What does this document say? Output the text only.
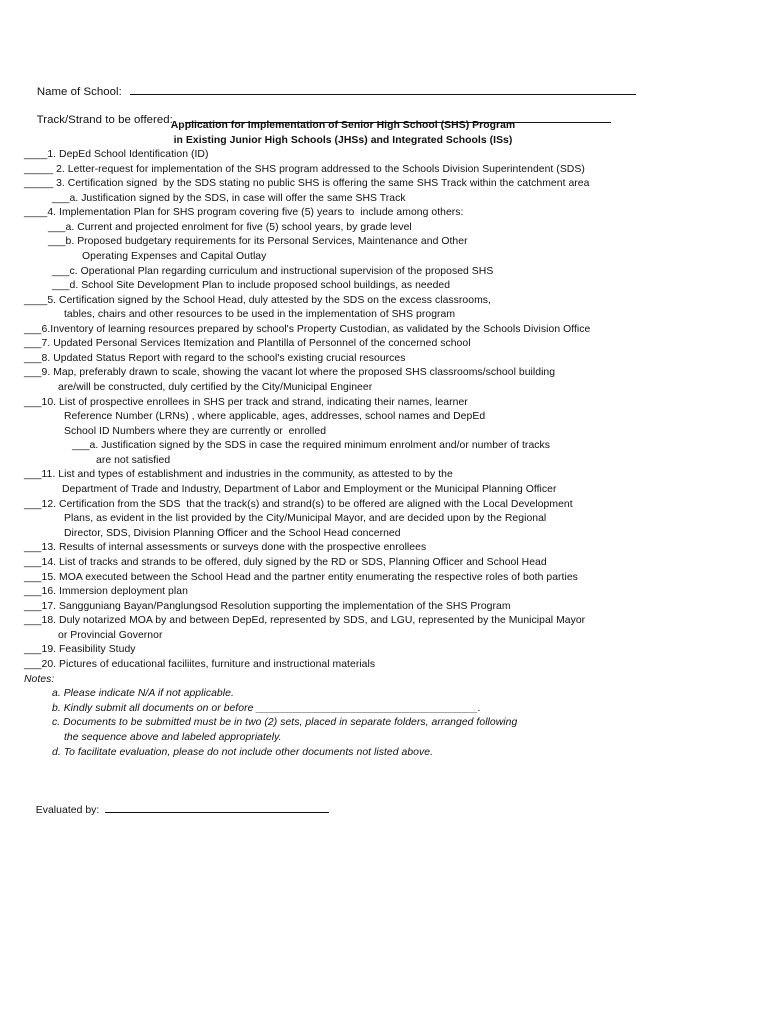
Name of School:

Track/Strand to be offered:

Application for Implementation of Senior High School (SHS) Program
in Existing Junior High Schools (JHSs) and Integrated Schools (ISs)
____1. DepEd School Identification (ID)
_____ 2. Letter-request for implementation of the SHS program addressed to the Schools Division Superintendent (SDS)
_____ 3. Certification signed  by the SDS stating no public SHS is offering the same SHS Track within the catchment area
___a. Justification signed by the SDS, in case will offer the same SHS Track
____4. Implementation Plan for SHS program covering five (5) years to  include among others:
___a. Current and projected enrolment for five (5) school years, by grade level
___b. Proposed budgetary requirements for its Personal Services, Maintenance and Other
Operating Expenses and Capital Outlay
___c. Operational Plan regarding curriculum and instructional supervision of the proposed SHS
___d. School Site Development Plan to include proposed school buildings, as needed
____5. Certification signed by the School Head, duly attested by the SDS on the excess classrooms,
tables, chairs and other resources to be used in the implementation of SHS program
___6.Inventory of learning resources prepared by school's Property Custodian, as validated by the Schools Division Office
___7. Updated Personal Services Itemization and Plantilla of Personnel of the concerned school
___8. Updated Status Report with regard to the school's existing crucial resources
___9. Map, preferably drawn to scale, showing the vacant lot where the proposed SHS classrooms/school building
are/will be constructed, duly certified by the City/Municipal Engineer
___10. List of prospective enrollees in SHS per track and strand, indicating their names, learner
Reference Number (LRNs) , where applicable, ages, addresses, school names and DepEd
School ID Numbers where they are currently or  enrolled
___a. Justification signed by the SDS in case the required minimum enrolment and/or number of tracks
are not satisfied
___11. List and types of establishment and industries in the community, as attested to by the
Department of Trade and Industry, Department of Labor and Employment or the Municipal Planning Officer
___12. Certification from the SDS  that the track(s) and strand(s) to be offered are aligned with the Local Development
Plans, as evident in the list provided by the City/Municipal Mayor, and are decided upon by the Regional
Director, SDS, Division Planning Officer and the School Head concerned
___13. Results of internal assessments or surveys done with the prospective enrollees
___14. List of tracks and strands to be offered, duly signed by the RD or SDS, Planning Officer and School Head
___15. MOA executed between the School Head and the partner entity enumerating the respective roles of both parties
___16. Immersion deployment plan
___17. Sangguniang Bayan/Panglungsod Resolution supporting the implementation of the SHS Program
___18. Duly notarized MOA by and between DepEd, represented by SDS, and LGU, represented by the Municipal Mayor
or Provincial Governor
___19. Feasibility Study
___20. Pictures of educational faciliites, furniture and instructional materials
Notes:
a. Please indicate N/A if not applicable.
b. Kindly submit all documents on or before ______________________________________.
c. Documents to be submitted must be in two (2) sets, placed in separate folders, arranged following
the sequence above and labeled appropriately.
d. To facilitate evaluation, please do not include other documents not listed above.

Evaluated by:
